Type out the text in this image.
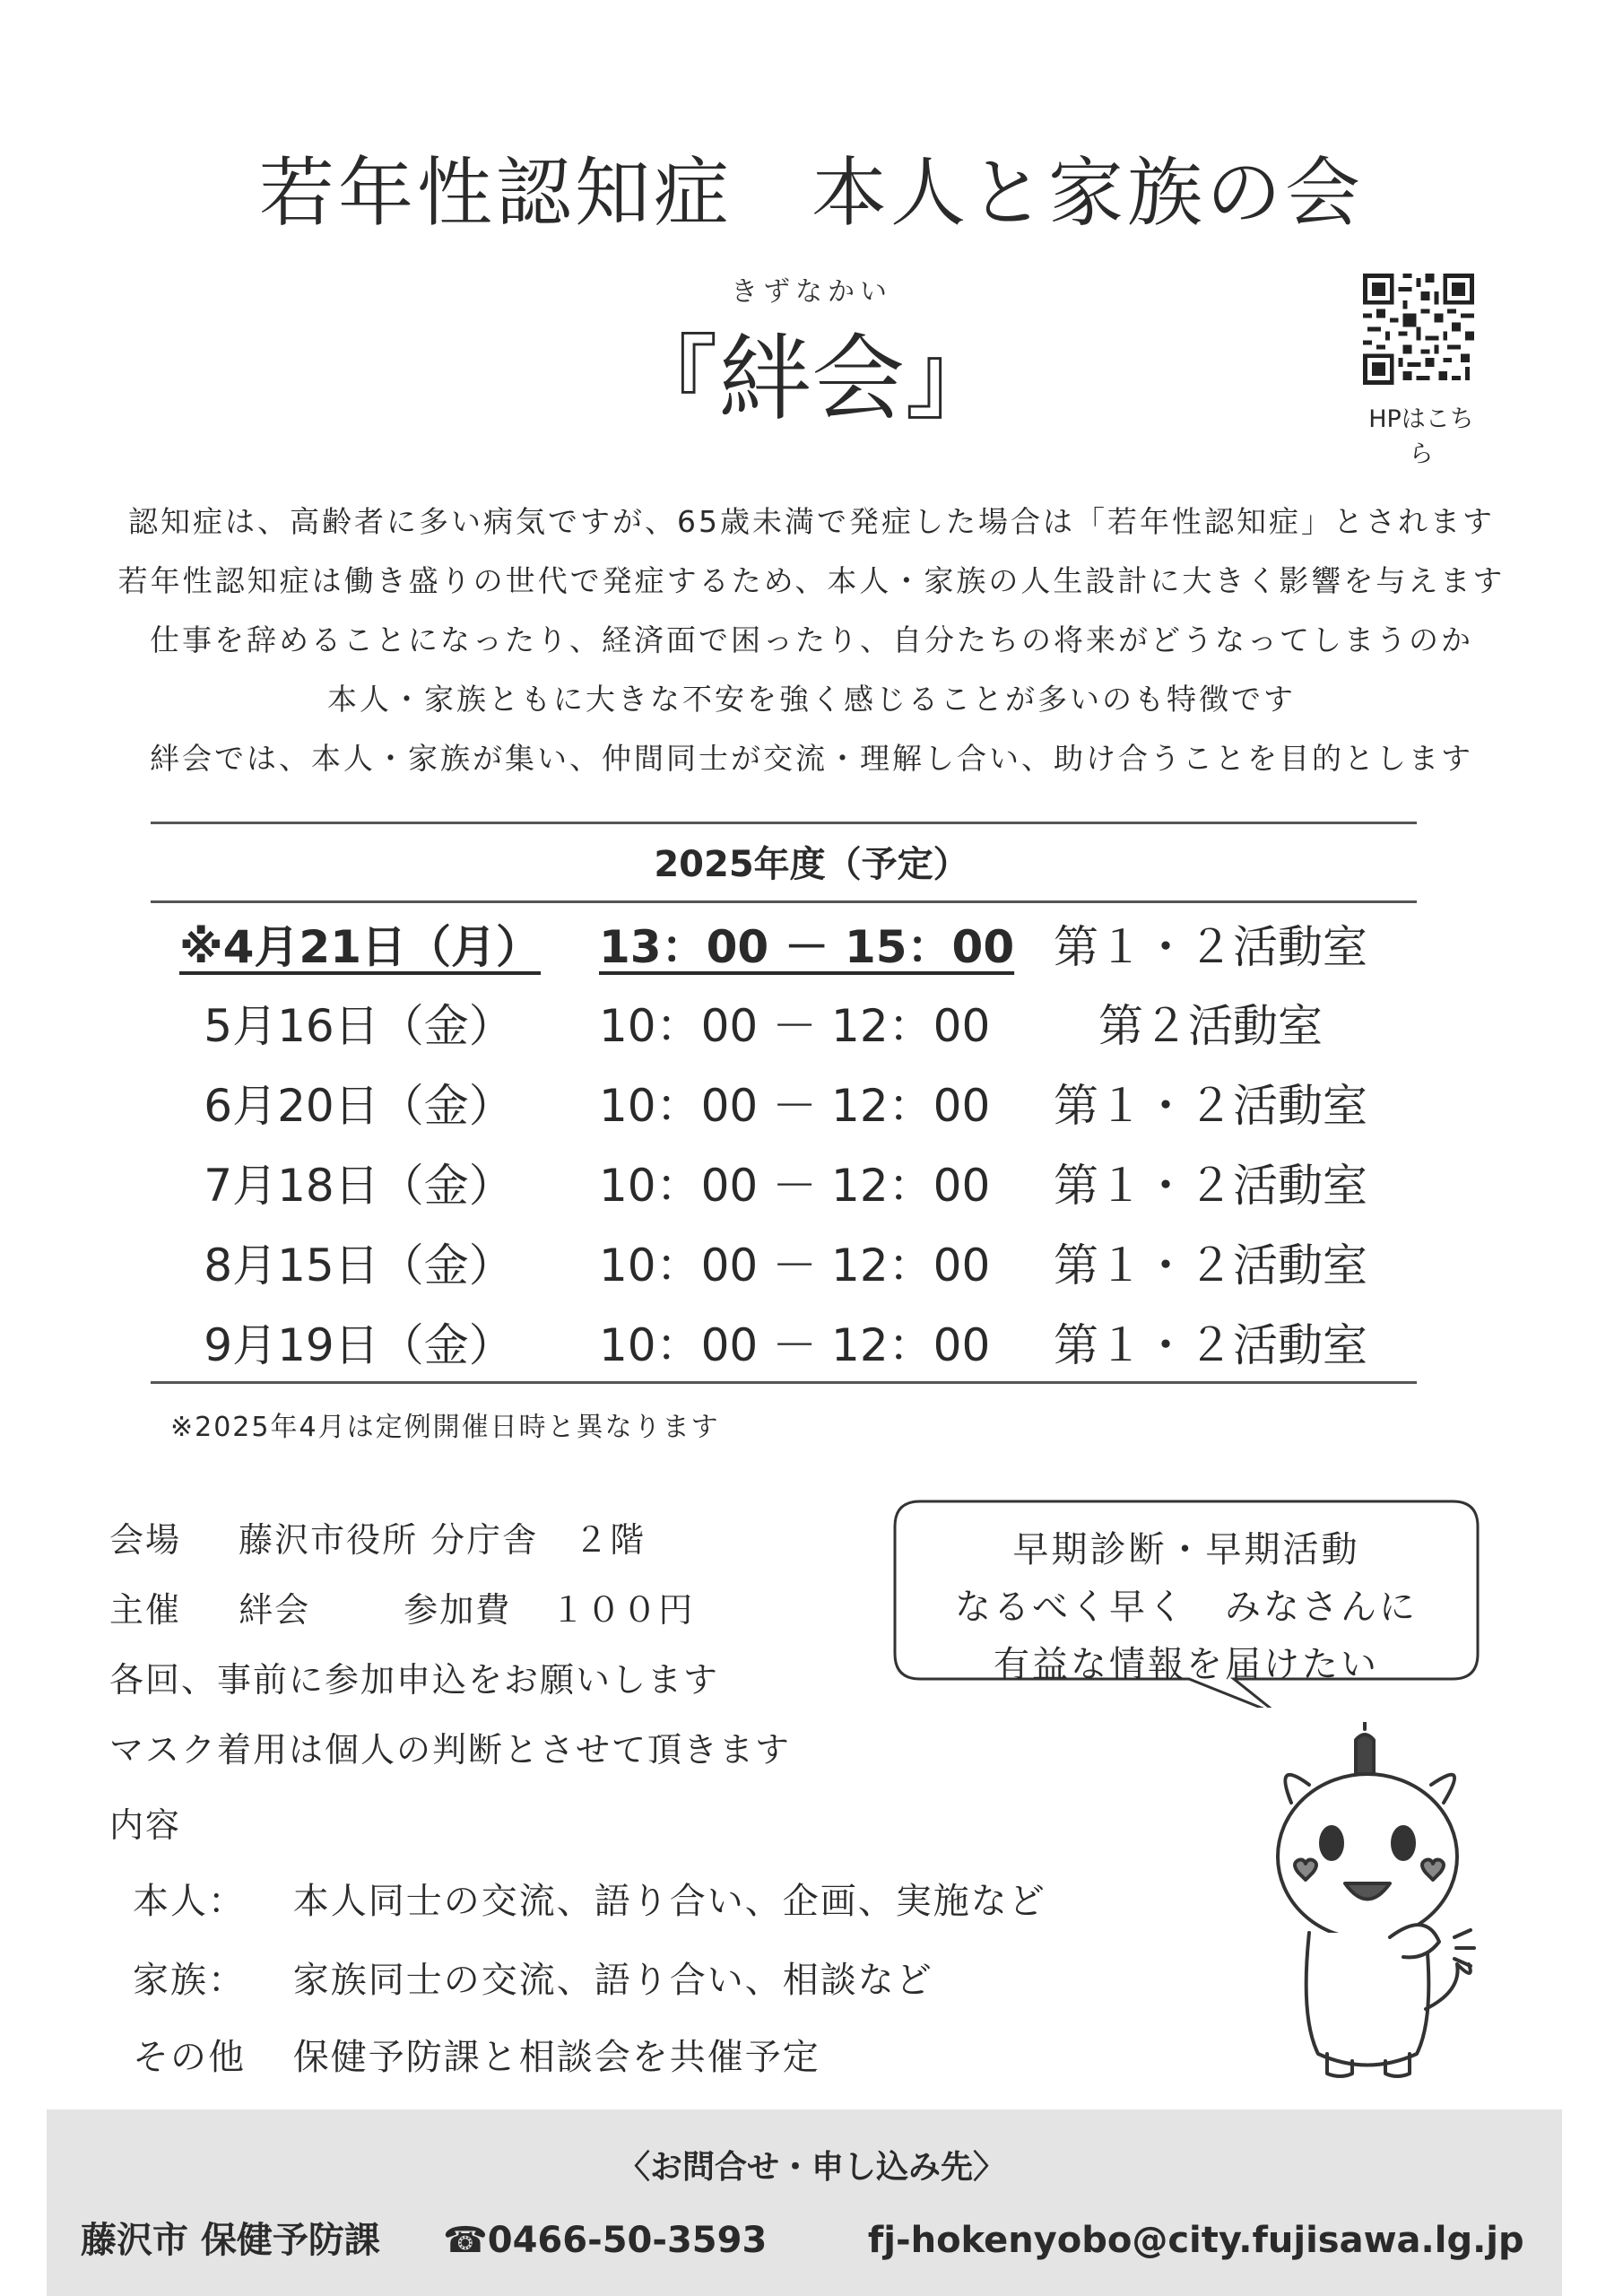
若年性認知症　本人と家族の会
きずなかい
『絆会』	HPはこちら
認知症は、高齢者に多い病気ですが、65歳未満で発症した場合は「若年性認知症」とされます
若年性認知症は働き盛りの世代で発症するため、本人・家族の人生設計に大きく影響を与えます
仕事を辞めることになったり、経済面で困ったり、自分たちの将来がどうなってしまうのか
本人・家族ともに大きな不安を強く感じることが多いのも特徴です
絆会では、本人・家族が集い、仲間同士が交流・理解し合い、助け合うことを目的とします
2025年度（予定）
※4月21日（月） 13：00 － 15：00 第１・２活動室
5月16日（金）	10：00 － 12：00	第２活動室
6月20日（金）	10：00 － 12：00	第１・２活動室
7月18日（金）	10：00 － 12：00	第１・２活動室
8月15日（金）	10：00 － 12：00	第１・２活動室
9月19日（金）	10：00 － 12：00	第１・２活動室
※2025年4月は定例開催日時と異なります
会場 藤沢市役所 分庁舎　２階
主催 絆会	参加費 １００円
各回、事前に参加申込をお願いします
マスク着用は個人の判断とさせて頂きます
内容
本人： 本人同士の交流、語り合い、企画、実施など
家族： 家族同士の交流、語り合い、相談など
その他 保健予防課と相談会を共催予定
早期診断・早期活動
なるべく早く　みなさんに
有益な情報を届けたい
〈お問合せ・申し込み先〉
藤沢市 保健予防課 ☎0466-50-3593	fj-hokenyobo@city.fujisawa.lg.jp
